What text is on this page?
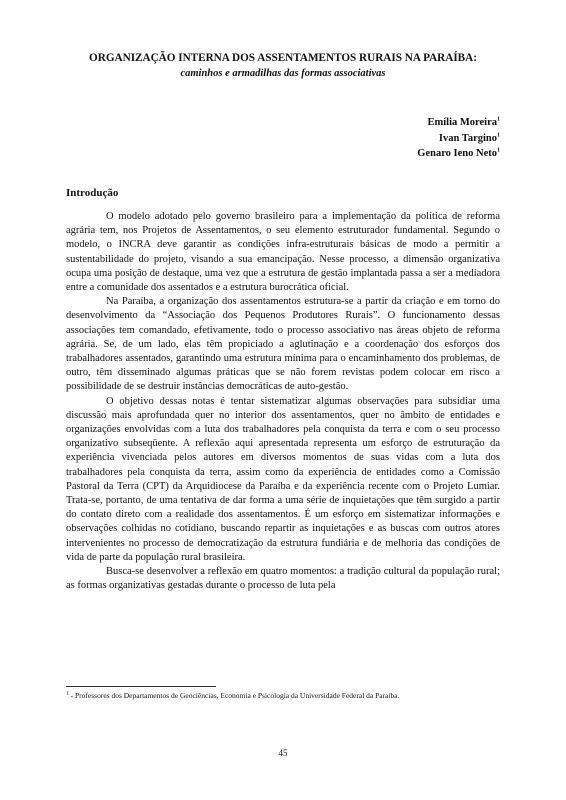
ORGANIZAÇÃO INTERNA DOS ASSENTAMENTOS RURAIS NA PARAÍBA:
caminhos e armadilhas das formas associativas
Emília Moreira$^1$
Ivan Targino$^1$
Genaro Ieno Neto$^1$
Introdução

O modelo adotado pelo governo brasileiro para a implementação da política de reforma agrária tem, nos Projetos de Assentamentos, o seu elemento estruturador fundamental. Segundo o modelo, o INCRA deve garantir as condições infra-estruturais básicas de modo a permitir a sustentabilidade do projeto, visando a sua emancipação. Nesse processo, a dimensão organizativa ocupa uma posição de destaque, uma vez que a estrutura de gestão implantada passa a ser a mediadora entre a comunidade dos assentados e a estrutura burocrática oficial.

Na Paraíba, a organização dos assentamentos estrutura-se a partir da criação e em torno do desenvolvimento da “Associação dos Pequenos Produtores Rurais”. O funcionamento dessas associações tem comandado, efetivamente, todo o processo associativo nas áreas objeto de reforma agrária. Se, de um lado, elas têm propiciado a aglutinação e a coordenação dos esforços dos trabalhadores assentados, garantindo uma estrutura mínima para o encaminhamento dos problemas, de outro, têm disseminado algumas práticas que se não forem revistas podem colocar em risco a possibilidade de se destruir instâncias democráticas de auto-gestão.

O objetivo dessas notas é tentar sistematizar algumas observações para subsidiar uma discussão mais aprofundada quer no interior dos assentamentos, quer no âmbito de entidades e organizações envolvidas com a luta dos trabalhadores pela conquista da terra e com o seu processo organizativo subseqüente. A reflexão aqui apresentada representa um esforço de estruturação da experiência vivenciada pelos autores em diversos momentos de suas vidas com a luta dos trabalhadores pela conquista da terra, assim como da experiência de entidades como a Comissão Pastoral da Terra (CPT) da Arquidiocese da Paraíba e da experiência recente com o Projeto Lumiar. Trata-se, portanto, de uma tentativa de dar forma a uma série de inquietações que têm surgido a partir do contato direto com a realidade dos assentamentos. É um esforço em sistematizar informações e observações colhidas no cotidiano, buscando repartir as inquietações e as buscas com outros atores intervenientes no processo de democratização da estrutura fundiária e de melhoria das condições de vida de parte da população rural brasileira.

Busca-se desenvolver a reflexão em quatro momentos: a tradição cultural da população rural; as formas organizativas gestadas durante o processo de luta pela

$^1$ - Professores dos Departamentos de Geociências, Economia e Psicologia da Universidade Federal da Paraíba.
45
